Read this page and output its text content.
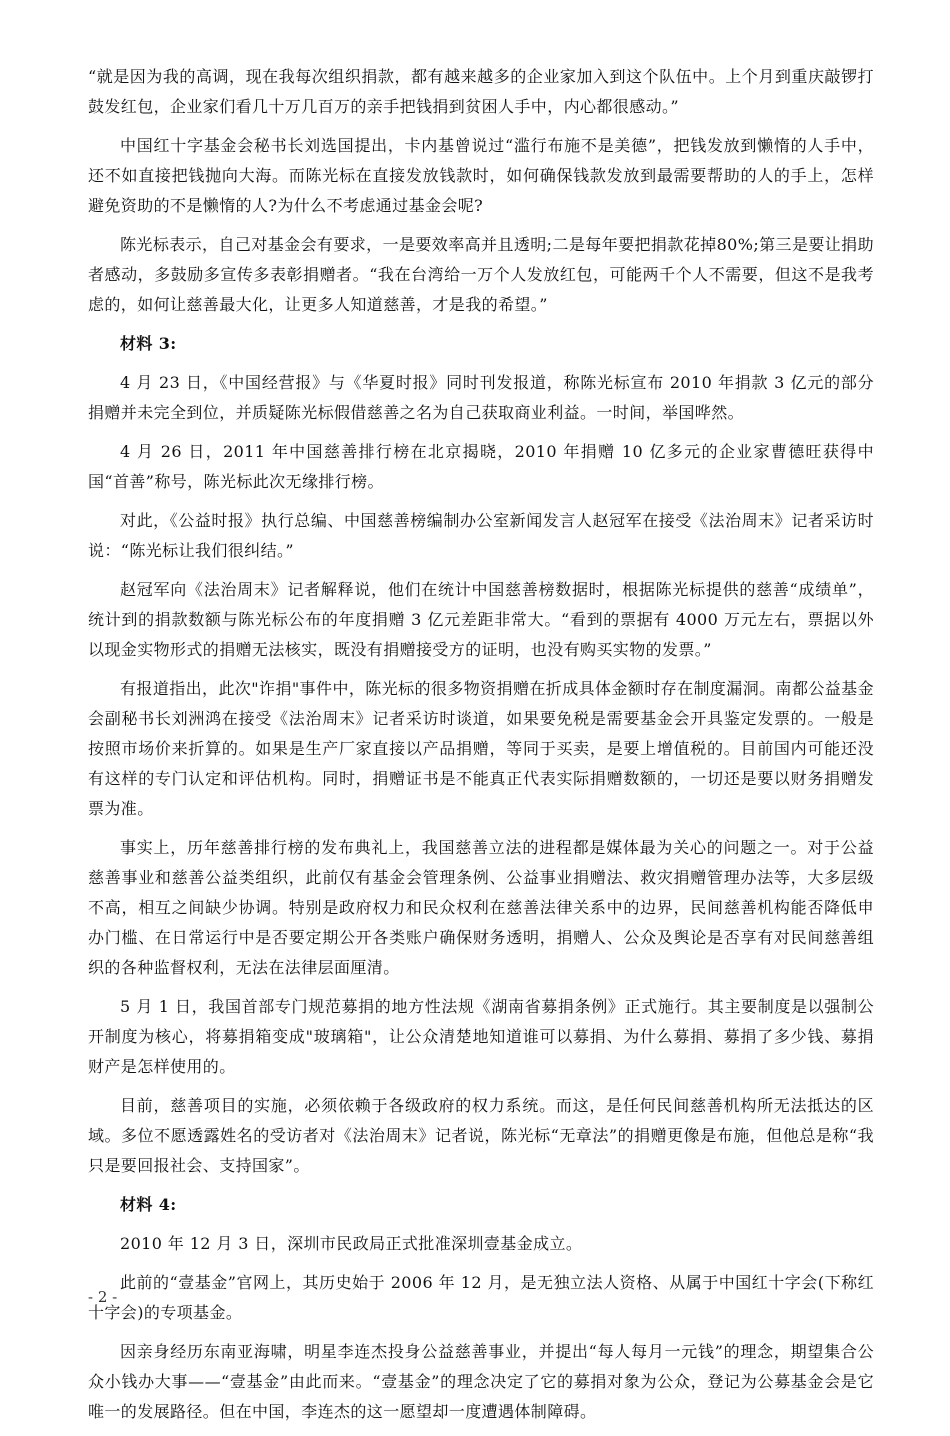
“就是因为我的高调，现在我每次组织捐款，都有越来越多的企业家加入到这个队伍中。上个月到重庆敲锣打鼓发红包，企业家们看几十万几百万的亲手把钱捐到贫困人手中，内心都很感动。”

中国红十字基金会秘书长刘选国提出，卡内基曾说过“滥行布施不是美德”，把钱发放到懒惰的人手中，还不如直接把钱抛向大海。而陈光标在直接发放钱款时，如何确保钱款发放到最需要帮助的人的手上，怎样避免资助的不是懒惰的人?为什么不考虑通过基金会呢?

陈光标表示，自己对基金会有要求，一是要效率高并且透明;二是每年要把捐款花掉80%;第三是要让捐助者感动，多鼓励多宣传多表彰捐赠者。“我在台湾给一万个人发放红包，可能两千个人不需要，但这不是我考虑的，如何让慈善最大化，让更多人知道慈善，才是我的希望。”

材料 3:

4 月 23 日，《中国经营报》与《华夏时报》同时刊发报道，称陈光标宣布 2010 年捐款 3 亿元的部分捐赠并未完全到位，并质疑陈光标假借慈善之名为自己获取商业利益。一时间，举国哗然。

4 月 26 日，2011 年中国慈善排行榜在北京揭晓，2010 年捐赠 10 亿多元的企业家曹德旺获得中国“首善”称号，陈光标此次无缘排行榜。

对此，《公益时报》执行总编、中国慈善榜编制办公室新闻发言人赵冠军在接受《法治周末》记者采访时说：“陈光标让我们很纠结。”

赵冠军向《法治周末》记者解释说，他们在统计中国慈善榜数据时，根据陈光标提供的慈善“成绩单”，统计到的捐款数额与陈光标公布的年度捐赠 3 亿元差距非常大。“看到的票据有 4000 万元左右，票据以外以现金实物形式的捐赠无法核实，既没有捐赠接受方的证明，也没有购买实物的发票。”

有报道指出，此次"诈捐"事件中，陈光标的很多物资捐赠在折成具体金额时存在制度漏洞。南都公益基金会副秘书长刘洲鸿在接受《法治周末》记者采访时谈道，如果要免税是需要基金会开具鉴定发票的。一般是按照市场价来折算的。如果是生产厂家直接以产品捐赠，等同于买卖，是要上增值税的。目前国内可能还没有这样的专门认定和评估机构。同时，捐赠证书是不能真正代表实际捐赠数额的，一切还是要以财务捐赠发票为准。

事实上，历年慈善排行榜的发布典礼上，我国慈善立法的进程都是媒体最为关心的问题之一。对于公益慈善事业和慈善公益类组织，此前仅有基金会管理条例、公益事业捐赠法、救灾捐赠管理办法等，大多层级不高，相互之间缺少协调。特别是政府权力和民众权利在慈善法律关系中的边界，民间慈善机构能否降低申办门槛、在日常运行中是否要定期公开各类账户确保财务透明，捐赠人、公众及舆论是否享有对民间慈善组织的各种监督权利，无法在法律层面厘清。

5 月 1 日，我国首部专门规范募捐的地方性法规《湖南省募捐条例》正式施行。其主要制度是以强制公开制度为核心，将募捐箱变成"玻璃箱"，让公众清楚地知道谁可以募捐、为什么募捐、募捐了多少钱、募捐财产是怎样使用的。

目前，慈善项目的实施，必须依赖于各级政府的权力系统。而这，是任何民间慈善机构所无法抵达的区域。多位不愿透露姓名的受访者对《法治周末》记者说，陈光标“无章法”的捐赠更像是布施，但他总是称“我只是要回报社会、支持国家”。

材料 4:

2010 年 12 月 3 日，深圳市民政局正式批准深圳壹基金成立。

此前的“壹基金”官网上，其历史始于 2006 年 12 月，是无独立法人资格、从属于中国红十字会(下称红十字会)的专项基金。

因亲身经历东南亚海啸，明星李连杰投身公益慈善事业，并提出“每人每月一元钱”的理念，期望集合公众小钱办大事——“壹基金”由此而来。“壹基金”的理念决定了它的募捐对象为公众，登记为公募基金会是它唯一的发展路径。但在中国，李连杰的这一愿望却一度遭遇体制障碍。

- 2 -
